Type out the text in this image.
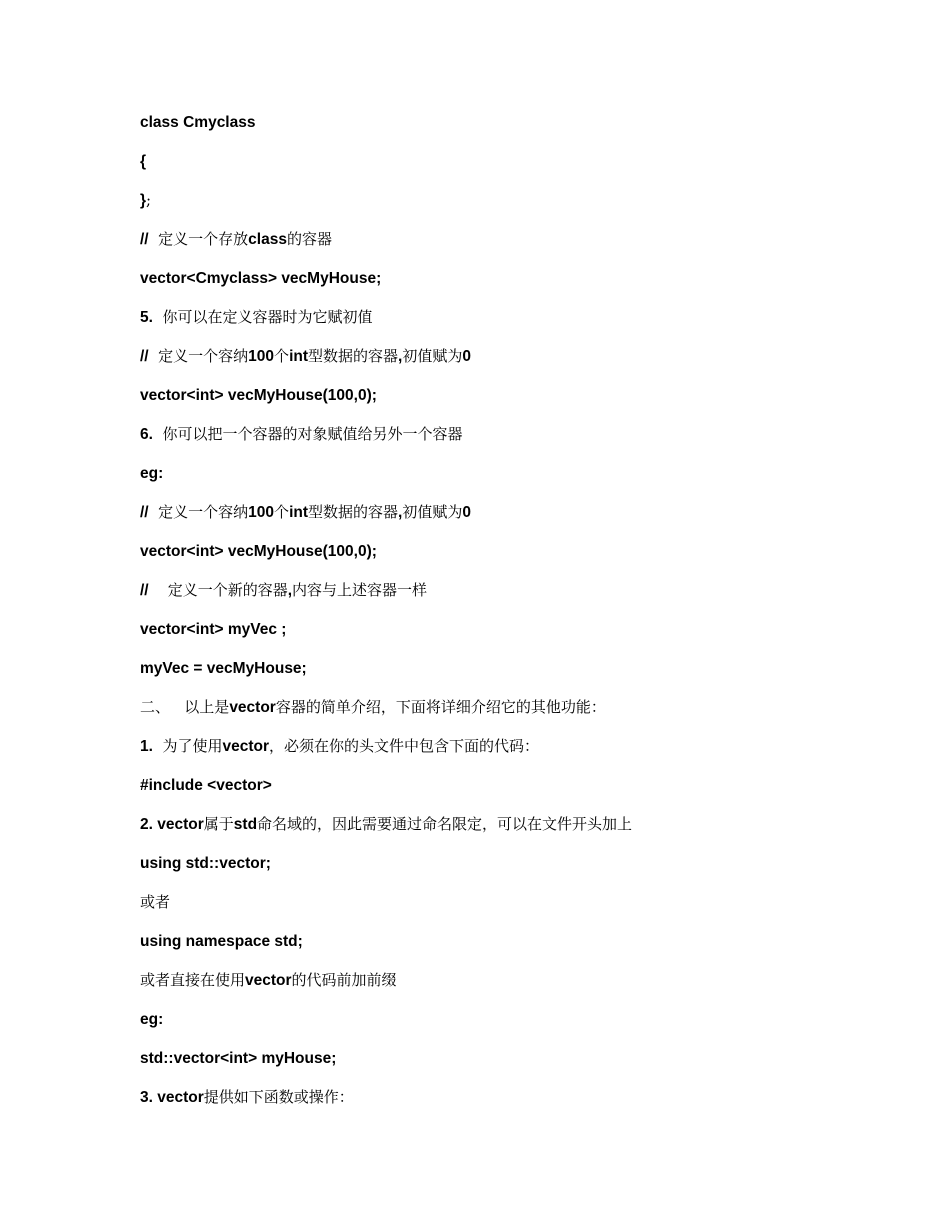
class Cmyclass
{
};
//  定义一个存放class的容器
vector<Cmyclass> vecMyHouse;
5.  你可以在定义容器时为它赋初值
//  定义一个容纳100个int型数据的容器,初值赋为0
vector<int> vecMyHouse(100,0);
6.  你可以把一个容器的对象赋值给另外一个容器
eg:
//  定义一个容纳100个int型数据的容器,初值赋为0
vector<int> vecMyHouse(100,0);
//    定义一个新的容器,内容与上述容器一样
vector<int> myVec ;
myVec = vecMyHouse;
二、   以上是vector容器的简单介绍，下面将详细介绍它的其他功能：
1.  为了使用vector，必须在你的头文件中包含下面的代码：
#include <vector>
2. vector属于std命名域的，因此需要通过命名限定，可以在文件开头加上
using std::vector;
或者
using namespace std;
或者直接在使用vector的代码前加前缀
eg:
std::vector<int> myHouse;
3. vector提供如下函数或操作：
